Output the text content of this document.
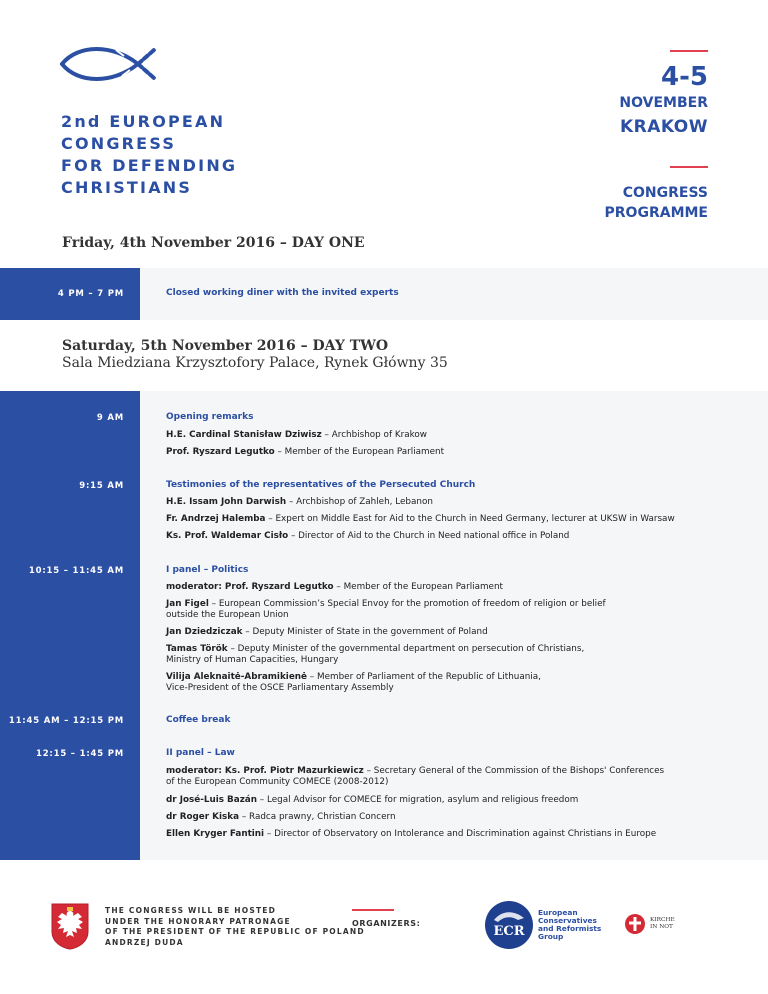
2nd EUROPEAN
CONGRESS
FOR DEFENDING
CHRISTIANS
4-5
NOVEMBER
KRAKOW
CONGRESS
PROGRAMME
Friday, 4th November 2016 – DAY ONE
4 PM – 7 PM	Closed working diner with the invited experts
Saturday, 5th November 2016 – DAY TWO
Sala Miedziana Krzysztofory Palace, Rynek Główny 35
9 AM	Opening remarks
H.E. Cardinal Stanisław Dziwisz – Archbishop of Krakow
Prof. Ryszard Legutko – Member of the European Parliament
9:15 AM	Testimonies of the representatives of the Persecuted Church
H.E. Issam John Darwish – Archbishop of Zahleh, Lebanon
Fr. Andrzej Halemba – Expert on Middle East for Aid to the Church in Need Germany, lecturer at UKSW in Warsaw
Ks. Prof. Waldemar Cisło – Director of Aid to the Church in Need national office in Poland
10:15 – 11:45 AM	I panel – Politics
moderator: Prof. Ryszard Legutko – Member of the European Parliament
Jan Figel – European Commission’s Special Envoy for the promotion of freedom of religion or belief
outside the European Union
Jan Dziedziczak – Deputy Minister of State in the government of Poland
Tamas Török – Deputy Minister of the governmental department on persecution of Christians,
Ministry of Human Capacities, Hungary
Vilija Aleknaitė-Abramikienė – Member of Parliament of the Republic of Lithuania,
Vice-President of the OSCE Parliamentary Assembly
11:45 AM – 12:15 PM	Coffee break
12:15 – 1:45 PM	II panel – Law
moderator: Ks. Prof. Piotr Mazurkiewicz – Secretary General of the Commission of the Bishops' Conferences
of the European Community COMECE (2008-2012)
dr José-Luis Bazán – Legal Advisor for COMECE for migration, asylum and religious freedom
dr Roger Kiska – Radca prawny, Christian Concern
Ellen Kryger Fantini – Director of Observatory on Intolerance and Discrimination against Christians in Europe
THE CONGRESS WILL BE HOSTED
UNDER THE HONORARY PATRONAGE
OF THE PRESIDENT OF THE REPUBLIC OF POLAND
ANDRZEJ DUDA
ORGANIZERS:
ECR
European
Conservatives
and Reformists
Group
KIRCHE
IN NOT
